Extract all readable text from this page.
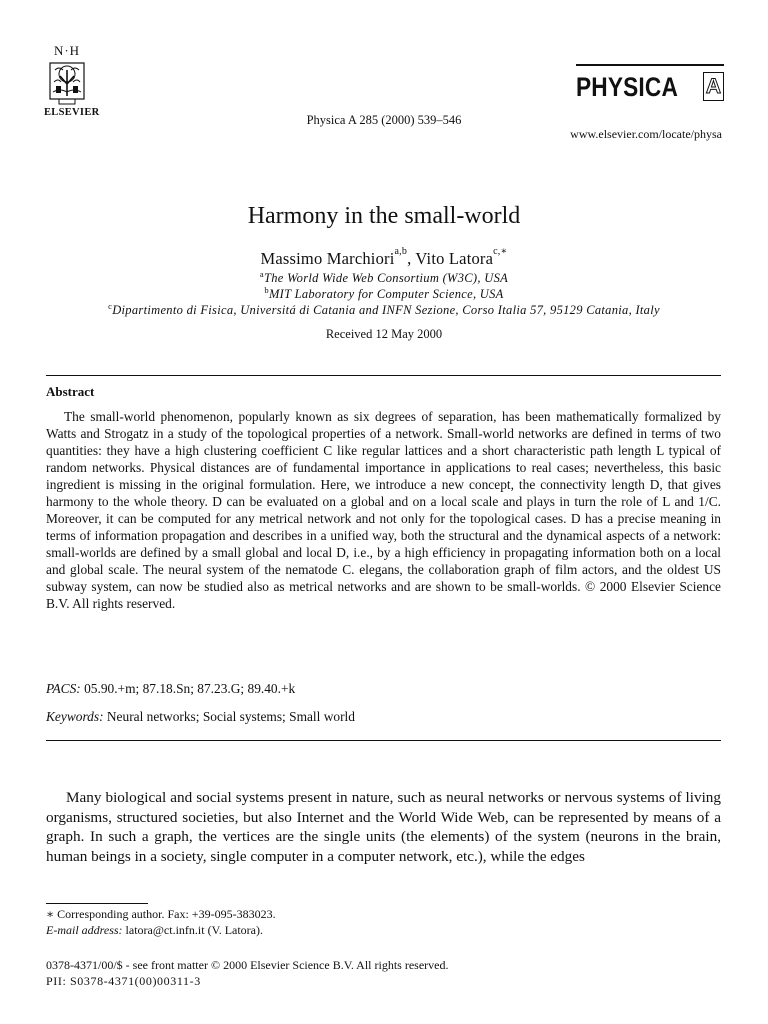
N·H
ELSEVIER
Physica A 285 (2000) 539–546
PHYSICA A
www.elsevier.com/locate/physa
Harmony in the small-world
Massimo Marchiori$^{a,b}$, Vito Latora$^{c,∗}$
$^a$The World Wide Web Consortium (W3C), USA
$^b$MIT Laboratory for Computer Science, USA
$^c$Dipartimento di Fisica, Universitá di Catania and INFN Sezione, Corso Italia 57, 95129 Catania, Italy
Received 12 May 2000
Abstract
The small-world phenomenon, popularly known as six degrees of separation, has been mathematically formalized by Watts and Strogatz in a study of the topological properties of a network. Small-world networks are defined in terms of two quantities: they have a high clustering coefficient C like regular lattices and a short characteristic path length L typical of random networks. Physical distances are of fundamental importance in applications to real cases; nevertheless, this basic ingredient is missing in the original formulation. Here, we introduce a new concept, the connectivity length D, that gives harmony to the whole theory. D can be evaluated on a global and on a local scale and plays in turn the role of L and 1/C. Moreover, it can be computed for any metrical network and not only for the topological cases. D has a precise meaning in terms of information propagation and describes in a unified way, both the structural and the dynamical aspects of a network: small-worlds are defined by a small global and local D, i.e., by a high efficiency in propagating information both on a local and global scale. The neural system of the nematode C. elegans, the collaboration graph of film actors, and the oldest US subway system, can now be studied also as metrical networks and are shown to be small-worlds. © 2000 Elsevier Science B.V. All rights reserved.
PACS: 05.90.+m; 87.18.Sn; 87.23.G; 89.40.+k
Keywords: Neural networks; Social systems; Small world
Many biological and social systems present in nature, such as neural networks or nervous systems of living organisms, structured societies, but also Internet and the World Wide Web, can be represented by means of a graph. In such a graph, the vertices are the single units (the elements) of the system (neurons in the brain, human beings in a society, single computer in a computer network, etc.), while the edges
∗ Corresponding author. Fax: +39-095-383023.
E-mail address: latora@ct.infn.it (V. Latora).
0378-4371/00/$ - see front matter © 2000 Elsevier Science B.V. All rights reserved.
PII: S0378-4371(00)00311-3
